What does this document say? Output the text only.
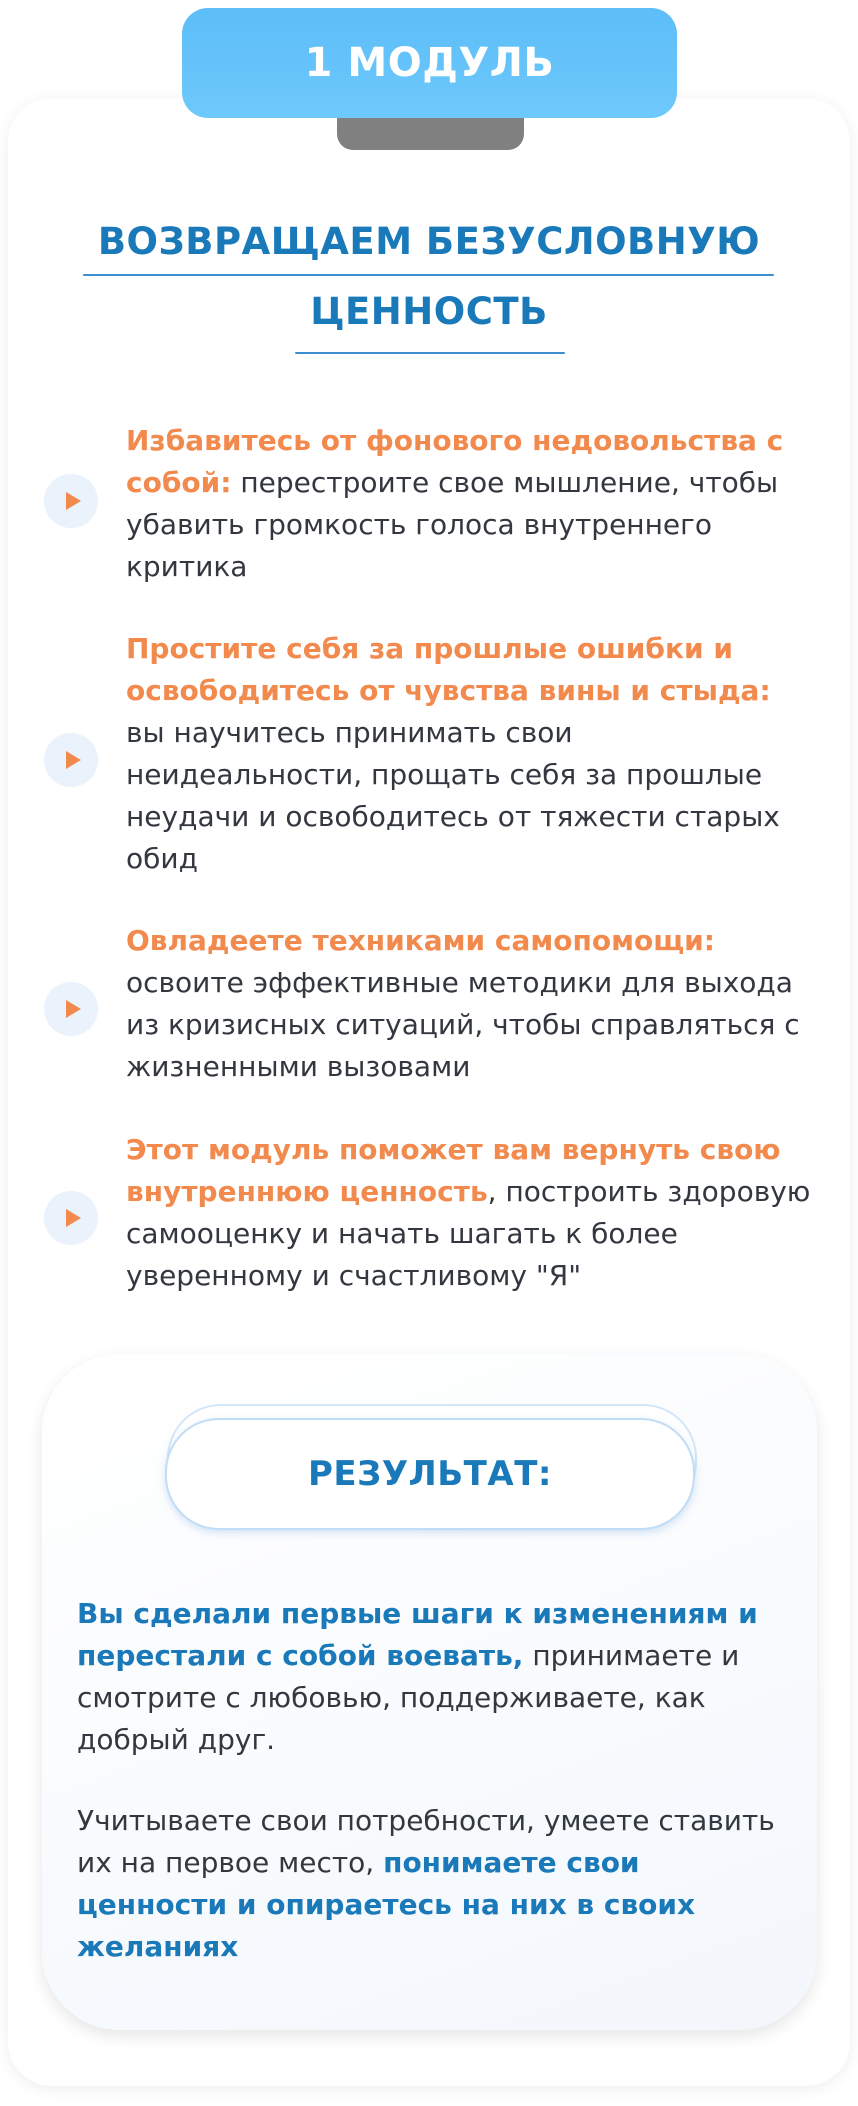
1 МОДУЛЬ
ВОЗВРАЩАЕМ БЕЗУСЛОВНУЮ
ЦЕННОСТЬ
Избавитесь от фонового недовольства с собой: перестроите свое мышление, чтобы убавить громкость голоса внутреннего критика
Простите себя за прошлые ошибки и освободитесь от чувства вины и стыда: вы научитесь принимать свои неидеальности, прощать себя за прошлые неудачи и освободитесь от тяжести старых обид
Овладеете техниками самопомощи: освоите эффективные методики для выхода из кризисных ситуаций, чтобы справляться с жизненными вызовами
Этот модуль поможет вам вернуть свою внутреннюю ценность, построить здоровую самооценку и начать шагать к более уверенному и счастливому "Я"
РЕЗУЛЬТАТ:
Вы сделали первые шаги к изменениям и перестали с собой воевать, принимаете и смотрите с любовью, поддерживаете, как добрый друг.
Учитываете свои потребности, умеете ставить их на первое место, понимаете свои ценности и опираетесь на них в своих желаниях
